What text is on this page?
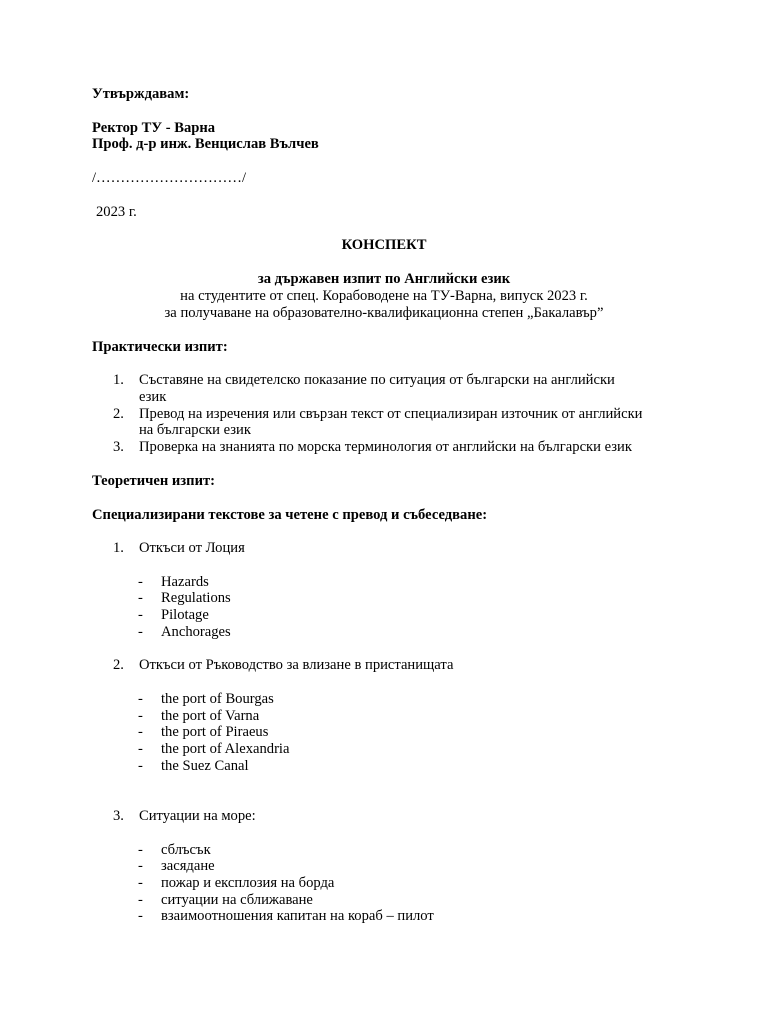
Утвърждавам:
Ректор ТУ - Варна
Проф. д-р инж. Венцислав Вълчев
/…………………………/
2023 г.
КОНСПЕКТ
за държавен изпит по Английски език
на студентите от спец. Корабоводене на ТУ-Варна, випуск 2023 г.
за получаване на образователно-квалификационна степен „Бакалавър”
Практически изпит:
1. Съставяне на свидетелско показание по ситуация от български на английски
език
2. Превод на изречения или свързан текст от специализиран източник от английски
на български език
3. Проверка на знанията по морска терминология от английски на български език
Теоретичен изпит:
Специализирани текстове за четене с превод и събеседване:
1. Откъси от Лоция
- Hazards
- Regulations
- Pilotage
- Anchorages
2. Откъси от Ръководство за влизане в пристанищата
- the port of Bourgas
- the port of Varna
- the port of Piraeus
- the port of Alexandria
- the Suez Canal
3. Ситуации на море:
- сблъсък
- засядане
- пожар и експлозия на борда
- ситуации на сближаване
- взаимоотношения капитан на кораб – пилот
